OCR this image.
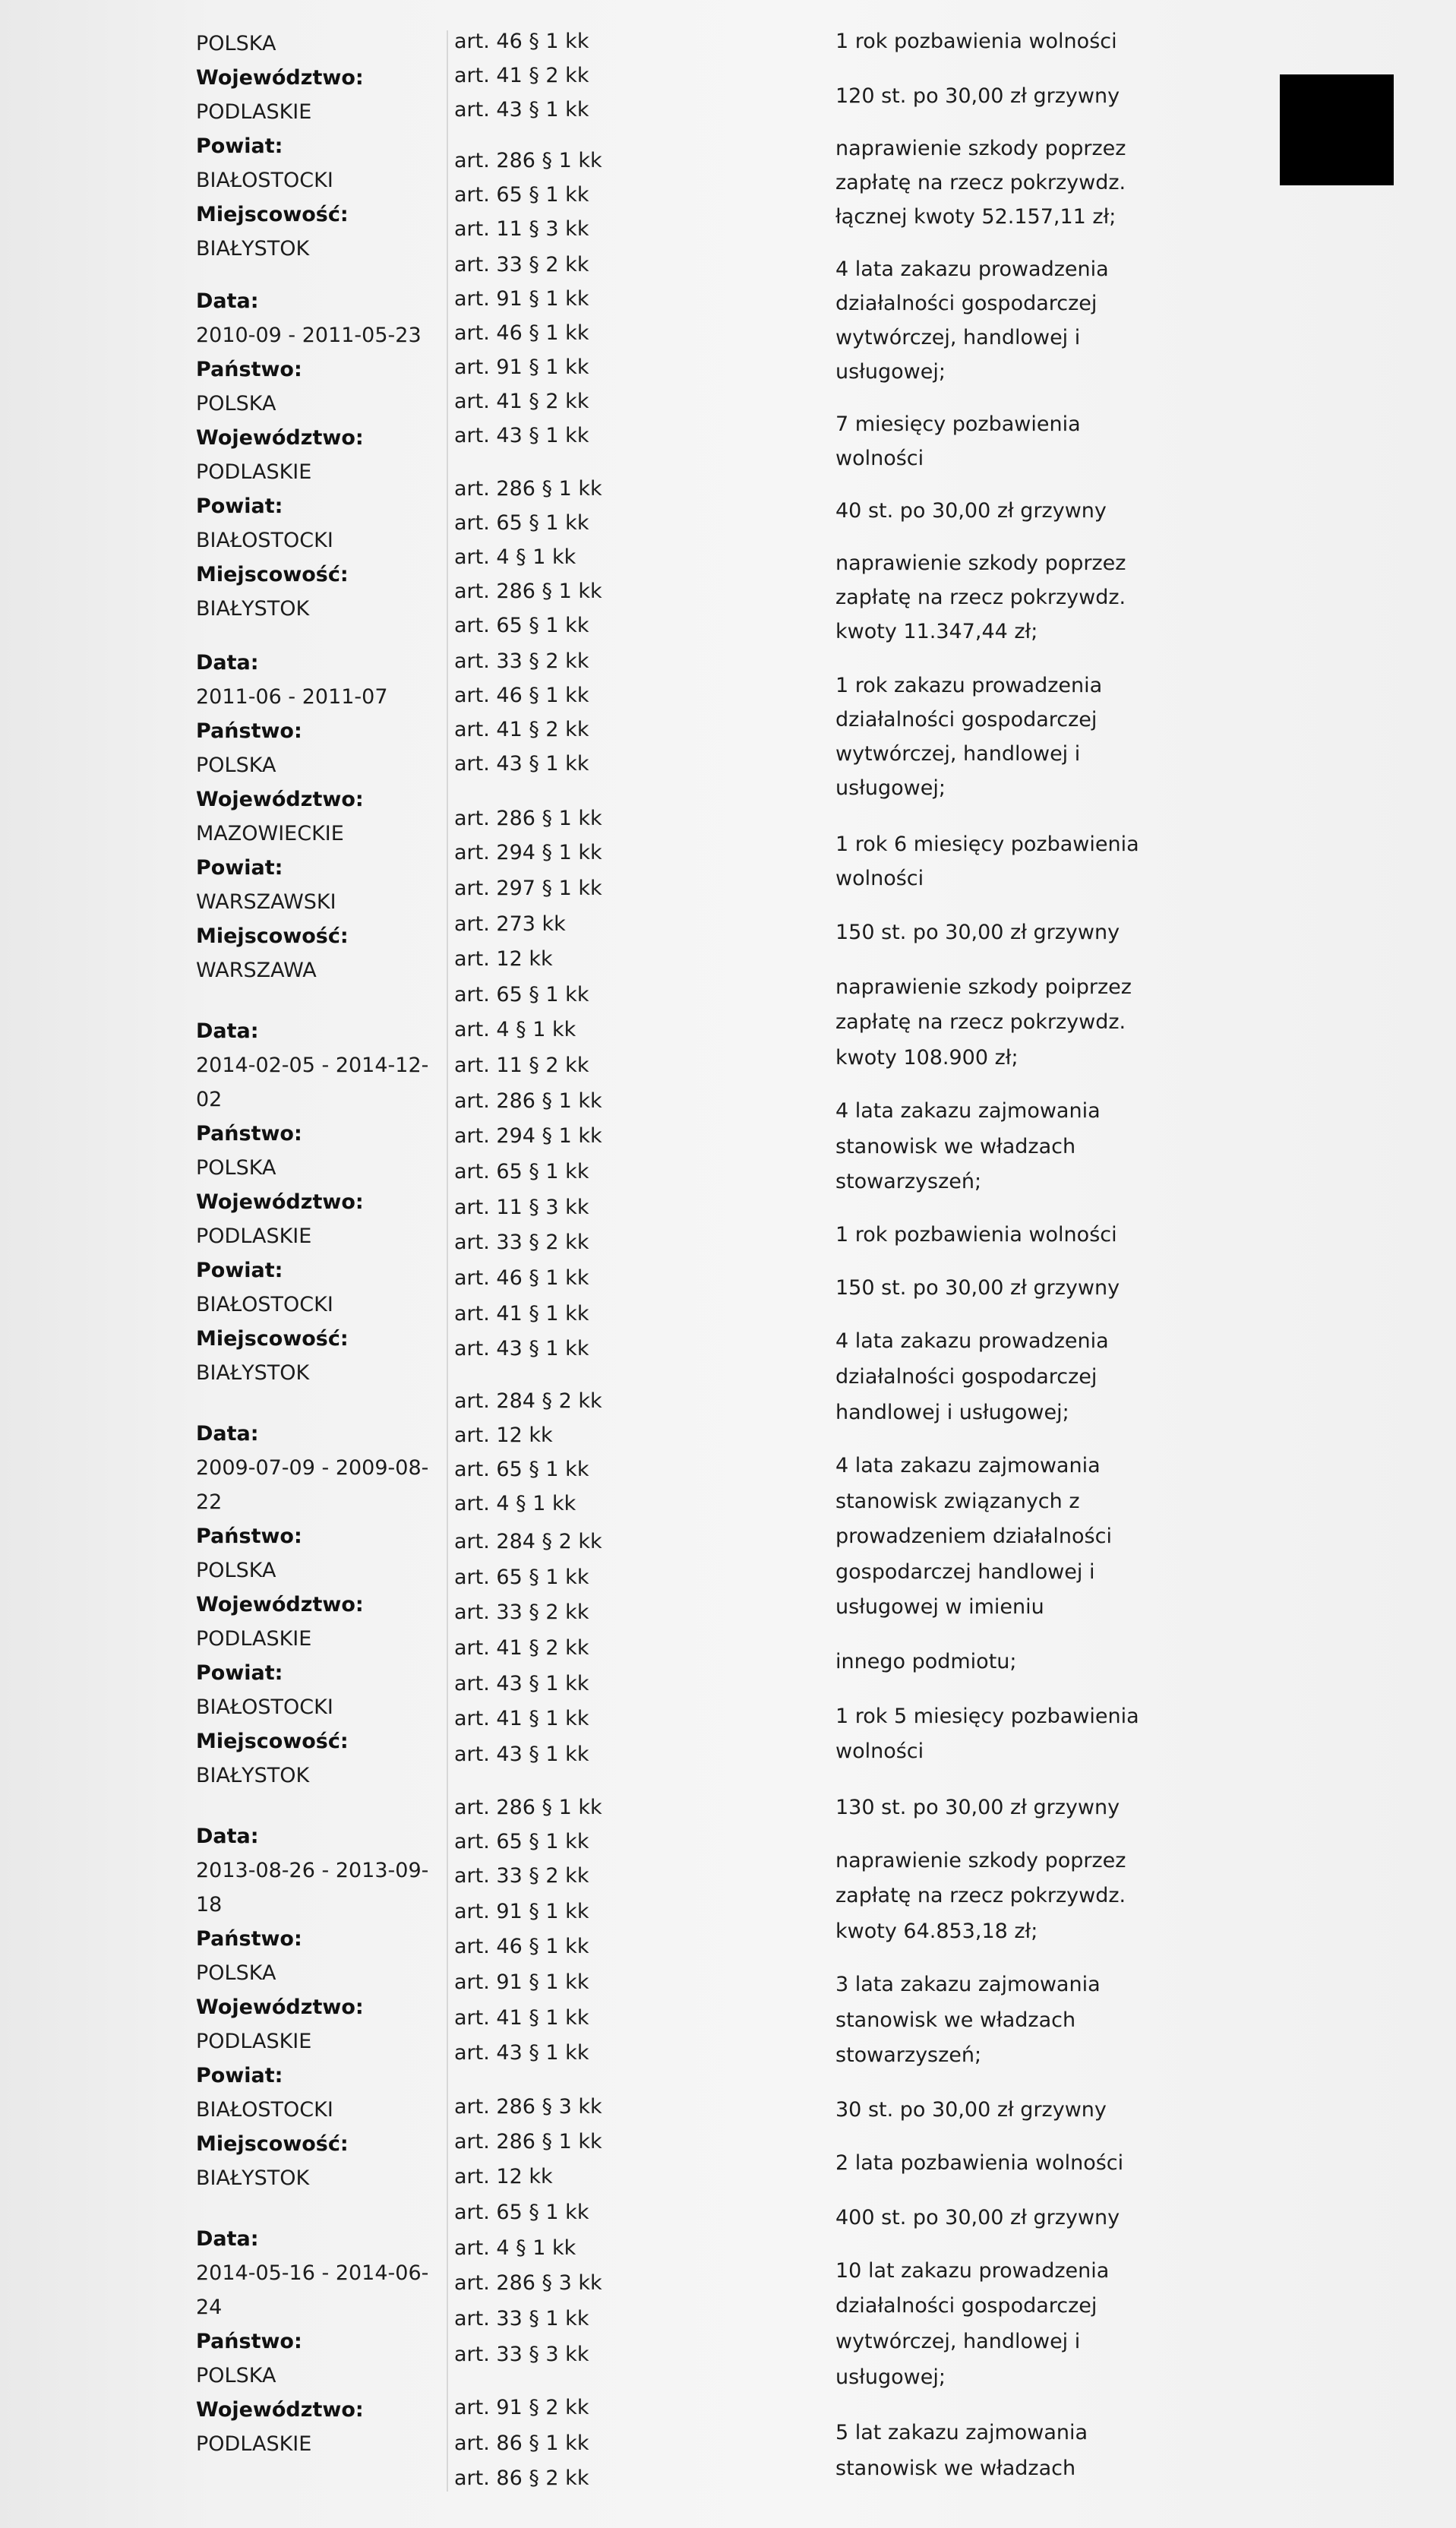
POLSKA
Województwo:
PODLASKIE
Powiat:
BIAŁOSTOCKI
Miejscowość:
BIAŁYSTOK
Data:
2010-09 - 2011-05-23
Państwo:
POLSKA
Województwo:
PODLASKIE
Powiat:
BIAŁOSTOCKI
Miejscowość:
BIAŁYSTOK
Data:
2011-06 - 2011-07
Państwo:
POLSKA
Województwo:
MAZOWIECKIE
Powiat:
WARSZAWSKI
Miejscowość:
WARSZAWA
Data:
2014-02-05 - 2014-12-
02
Państwo:
POLSKA
Województwo:
PODLASKIE
Powiat:
BIAŁOSTOCKI
Miejscowość:
BIAŁYSTOK
Data:
2009-07-09 - 2009-08-
22
Państwo:
POLSKA
Województwo:
PODLASKIE
Powiat:
BIAŁOSTOCKI
Miejscowość:
BIAŁYSTOK
Data:
2013-08-26 - 2013-09-
18
Państwo:
POLSKA
Województwo:
PODLASKIE
Powiat:
BIAŁOSTOCKI
Miejscowość:
BIAŁYSTOK
Data:
2014-05-16 - 2014-06-
24
Państwo:
POLSKA
Województwo:
PODLASKIE
art. 46 § 1 kk
art. 41 § 2 kk
art. 43 § 1 kk
art. 286 § 1 kk
art. 65 § 1 kk
art. 11 § 3 kk
art. 33 § 2 kk
art. 91 § 1 kk
art. 46 § 1 kk
art. 91 § 1 kk
art. 41 § 2 kk
art. 43 § 1 kk
art. 286 § 1 kk
art. 65 § 1 kk
art. 4 § 1 kk
art. 286 § 1 kk
art. 65 § 1 kk
art. 33 § 2 kk
art. 46 § 1 kk
art. 41 § 2 kk
art. 43 § 1 kk
art. 286 § 1 kk
art. 294 § 1 kk
art. 297 § 1 kk
art. 273 kk
art. 12 kk
art. 65 § 1 kk
art. 4 § 1 kk
art. 11 § 2 kk
art. 286 § 1 kk
art. 294 § 1 kk
art. 65 § 1 kk
art. 11 § 3 kk
art. 33 § 2 kk
art. 46 § 1 kk
art. 41 § 1 kk
art. 43 § 1 kk
art. 284 § 2 kk
art. 12 kk
art. 65 § 1 kk
art. 4 § 1 kk
art. 284 § 2 kk
art. 65 § 1 kk
art. 33 § 2 kk
art. 41 § 2 kk
art. 43 § 1 kk
art. 41 § 1 kk
art. 43 § 1 kk
art. 286 § 1 kk
art. 65 § 1 kk
art. 33 § 2 kk
art. 91 § 1 kk
art. 46 § 1 kk
art. 91 § 1 kk
art. 41 § 1 kk
art. 43 § 1 kk
art. 286 § 3 kk
art. 286 § 1 kk
art. 12 kk
art. 65 § 1 kk
art. 4 § 1 kk
art. 286 § 3 kk
art. 33 § 1 kk
art. 33 § 3 kk
art. 91 § 2 kk
art. 86 § 1 kk
art. 86 § 2 kk
1 rok pozbawienia wolności
120 st. po 30,00 zł grzywny
naprawienie szkody poprzez
zapłatę na rzecz pokrzywdz.
łącznej kwoty 52.157,11 zł;
4 lata zakazu prowadzenia
działalności gospodarczej
wytwórczej, handlowej i
usługowej;
7 miesięcy pozbawienia
wolności
40 st. po 30,00 zł grzywny
naprawienie szkody poprzez
zapłatę na rzecz pokrzywdz.
kwoty 11.347,44 zł;
1 rok zakazu prowadzenia
działalności gospodarczej
wytwórczej, handlowej i
usługowej;
1 rok 6 miesięcy pozbawienia
wolności
150 st. po 30,00 zł grzywny
naprawienie szkody poiprzez
zapłatę na rzecz pokrzywdz.
kwoty 108.900 zł;
4 lata zakazu zajmowania
stanowisk we władzach
stowarzyszeń;
1 rok pozbawienia wolności
150 st. po 30,00 zł grzywny
4 lata zakazu prowadzenia
działalności gospodarczej
handlowej i usługowej;
4 lata zakazu zajmowania
stanowisk związanych z
prowadzeniem działalności
gospodarczej handlowej i
usługowej w imieniu
innego podmiotu;
1 rok 5 miesięcy pozbawienia
wolności
130 st. po 30,00 zł grzywny
naprawienie szkody poprzez
zapłatę na rzecz pokrzywdz.
kwoty 64.853,18 zł;
3 lata zakazu zajmowania
stanowisk we władzach
stowarzyszeń;
30 st. po 30,00 zł grzywny
2 lata pozbawienia wolności
400 st. po 30,00 zł grzywny
10 lat zakazu prowadzenia
działalności gospodarczej
wytwórczej, handlowej i
usługowej;
5 lat zakazu zajmowania
stanowisk we władzach
